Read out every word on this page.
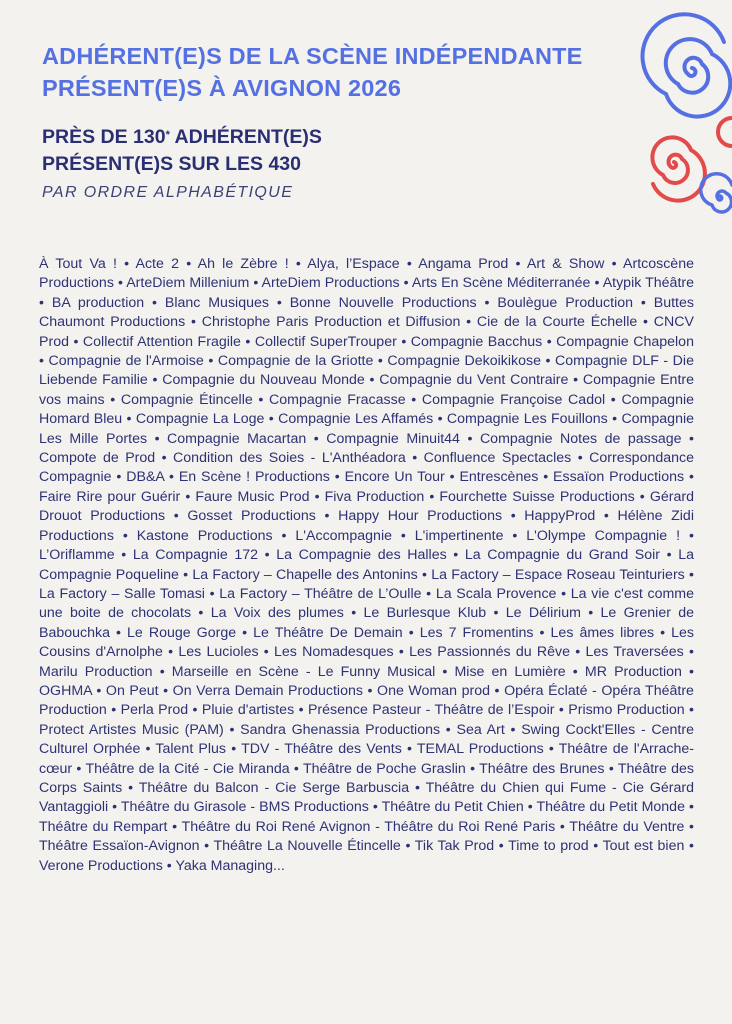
ADHÉRENT(E)S DE LA SCÈNE INDÉPENDANTE
PRÉSENT(E)S À AVIGNON 2026
PRÈS DE 130* ADHÉRENT(E)S
PRÉSENT(E)S SUR LES 430

PAR ORDRE ALPHABÉTIQUE

À Tout Va ! • Acte 2 • Ah le Zèbre ! • Alya, l’Espace • Angama Prod • Art & Show • Artcoscène Productions • ArteDiem Millenium • ArteDiem Productions • Arts En Scène Méditerranée • Atypik Théâtre • BA production • Blanc Musiques • Bonne Nouvelle Productions • Boulègue Production • Buttes Chaumont Productions • Christophe Paris Production et Diffusion • Cie de la Courte Échelle • CNCV Prod • Collectif Attention Fragile • Collectif SuperTrouper • Compagnie Bacchus • Compagnie Chapelon • Compagnie de l'Armoise • Compagnie de la Griotte • Compagnie Dekoikikose • Compagnie DLF - Die Liebende Familie • Compagnie du Nouveau Monde • Compagnie du Vent Contraire • Compagnie Entre vos mains • Compagnie Étincelle • Compagnie Fracasse • Compagnie Françoise Cadol • Compagnie Homard Bleu • Compagnie La Loge • Compagnie Les Affamés • Compagnie Les Fouillons • Compagnie Les Mille Portes • Compagnie Macartan • Compagnie Minuit44 • Compagnie Notes de passage • Compote de Prod • Condition des Soies - L'Anthéadora • Confluence Spectacles • Correspondance Compagnie • DB&A • En Scène ! Productions • Encore Un Tour • Entrescènes • Essaïon Productions • Faire Rire pour Guérir • Faure Music Prod • Fiva Production • Fourchette Suisse Productions • Gérard Drouot Productions • Gosset Productions • Happy Hour Productions • HappyProd • Hélène Zidi Productions • Kastone Productions • L'Accompagnie • L'impertinente • L'Olympe Compagnie ! • L’Oriflamme • La Compagnie 172 • La Compagnie des Halles • La Compagnie du Grand Soir • La Compagnie Poqueline • La Factory – Chapelle des Antonins • La Factory – Espace Roseau Teinturiers • La Factory – Salle Tomasi • La Factory – Théâtre de L’Oulle • La Scala Provence • La vie c'est comme une boite de chocolats • La Voix des plumes • Le Burlesque Klub • Le Délirium • Le Grenier de Babouchka • Le Rouge Gorge • Le Théâtre De Demain • Les 7 Fromentins • Les âmes libres • Les Cousins d'Arnolphe • Les Lucioles • Les Nomadesques • Les Passionnés du Rêve • Les Traversées • Marilu Production • Marseille en Scène - Le Funny Musical • Mise en Lumière • MR Production • OGHMA • On Peut • On Verra Demain Productions • One Woman prod • Opéra Éclaté - Opéra Théâtre Production • Perla Prod • Pluie d'artistes • Présence Pasteur - Théâtre de l’Espoir • Prismo Production • Protect Artistes Music (PAM) • Sandra Ghenassia Productions • Sea Art • Swing Cockt'Elles - Centre Culturel Orphée • Talent Plus • TDV - Théâtre des Vents • TEMAL Productions • Théâtre de l'Arrache-cœur • Théâtre de la Cité - Cie Miranda • Théâtre de Poche Graslin • Théâtre des Brunes • Théâtre des Corps Saints • Théâtre du Balcon - Cie Serge Barbuscia • Théâtre du Chien qui Fume - Cie Gérard Vantaggioli • Théâtre du Girasole - BMS Productions • Théâtre du Petit Chien • Théâtre du Petit Monde • Théâtre du Rempart • Théâtre du Roi René Avignon - Théâtre du Roi René Paris • Théâtre du Ventre • Théâtre Essaïon-Avignon • Théâtre La Nouvelle Étincelle • Tik Tak Prod • Time to prod • Tout est bien • Verone Productions • Yaka Managing...
